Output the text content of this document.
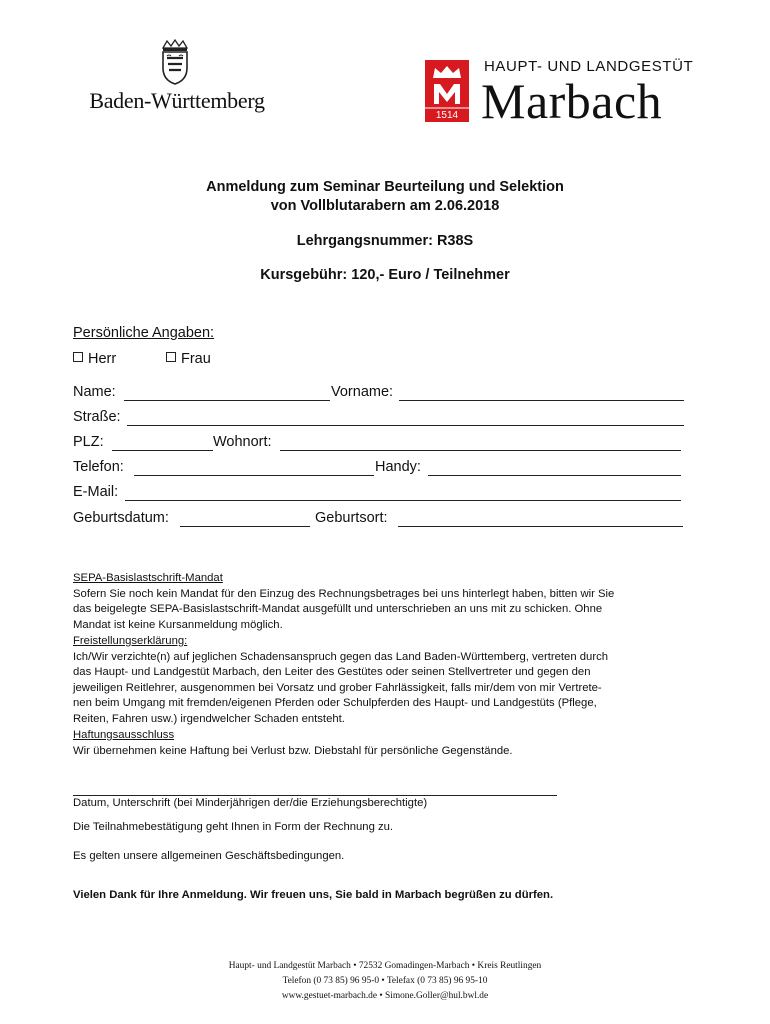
Baden-Württemberg
1514
HAUPT- UND LANDGESTÜT
Marbach
Anmeldung zum Seminar Beurteilung und Selektion
von Vollblutarabern am 2.06.2018
Lehrgangsnummer: R38S
Kursgebühr: 120,- Euro / Teilnehmer
Persönliche Angaben:
Herr	Frau
Name:	Vorname:
Straße:
PLZ:	Wohnort:
Telefon:	Handy:
E-Mail:
Geburtsdatum:	Geburtsort:
SEPA-Basislastschrift-Mandat
Sofern Sie noch kein Mandat für den Einzug des Rechnungsbetrages bei uns hinterlegt haben, bitten wir Sie
das beigelegte SEPA-Basislastschrift-Mandat ausgefüllt und unterschrieben an uns mit zu schicken. Ohne
Mandat ist keine Kursanmeldung möglich.
Freistellungserklärung:
Ich/Wir verzichte(n) auf jeglichen Schadensanspruch gegen das Land Baden-Württemberg, vertreten durch
das Haupt- und Landgestüt Marbach, den Leiter des Gestütes oder seinen Stellvertreter und gegen den
jeweiligen Reitlehrer, ausgenommen bei Vorsatz und grober Fahrlässigkeit, falls mir/dem von mir Vertrete-
nen beim Umgang mit fremden/eigenen Pferden oder Schulpferden des Haupt- und Landgestüts (Pflege,
Reiten, Fahren usw.) irgendwelcher Schaden entsteht.
Haftungsausschluss
Wir übernehmen keine Haftung bei Verlust bzw. Diebstahl für persönliche Gegenstände.
Datum, Unterschrift (bei Minderjährigen der/die Erziehungsberechtigte)
Die Teilnahmebestätigung geht Ihnen in Form der Rechnung zu.
Es gelten unsere allgemeinen Geschäftsbedingungen.
Vielen Dank für Ihre Anmeldung. Wir freuen uns, Sie bald in Marbach begrüßen zu dürfen.
Haupt- und Landgestüt Marbach • 72532 Gomadingen-Marbach • Kreis Reutlingen
Telefon (0 73 85) 96 95-0 • Telefax (0 73 85) 96 95-10
www.gestuet-marbach.de • Simone.Goller@hul.bwl.de
